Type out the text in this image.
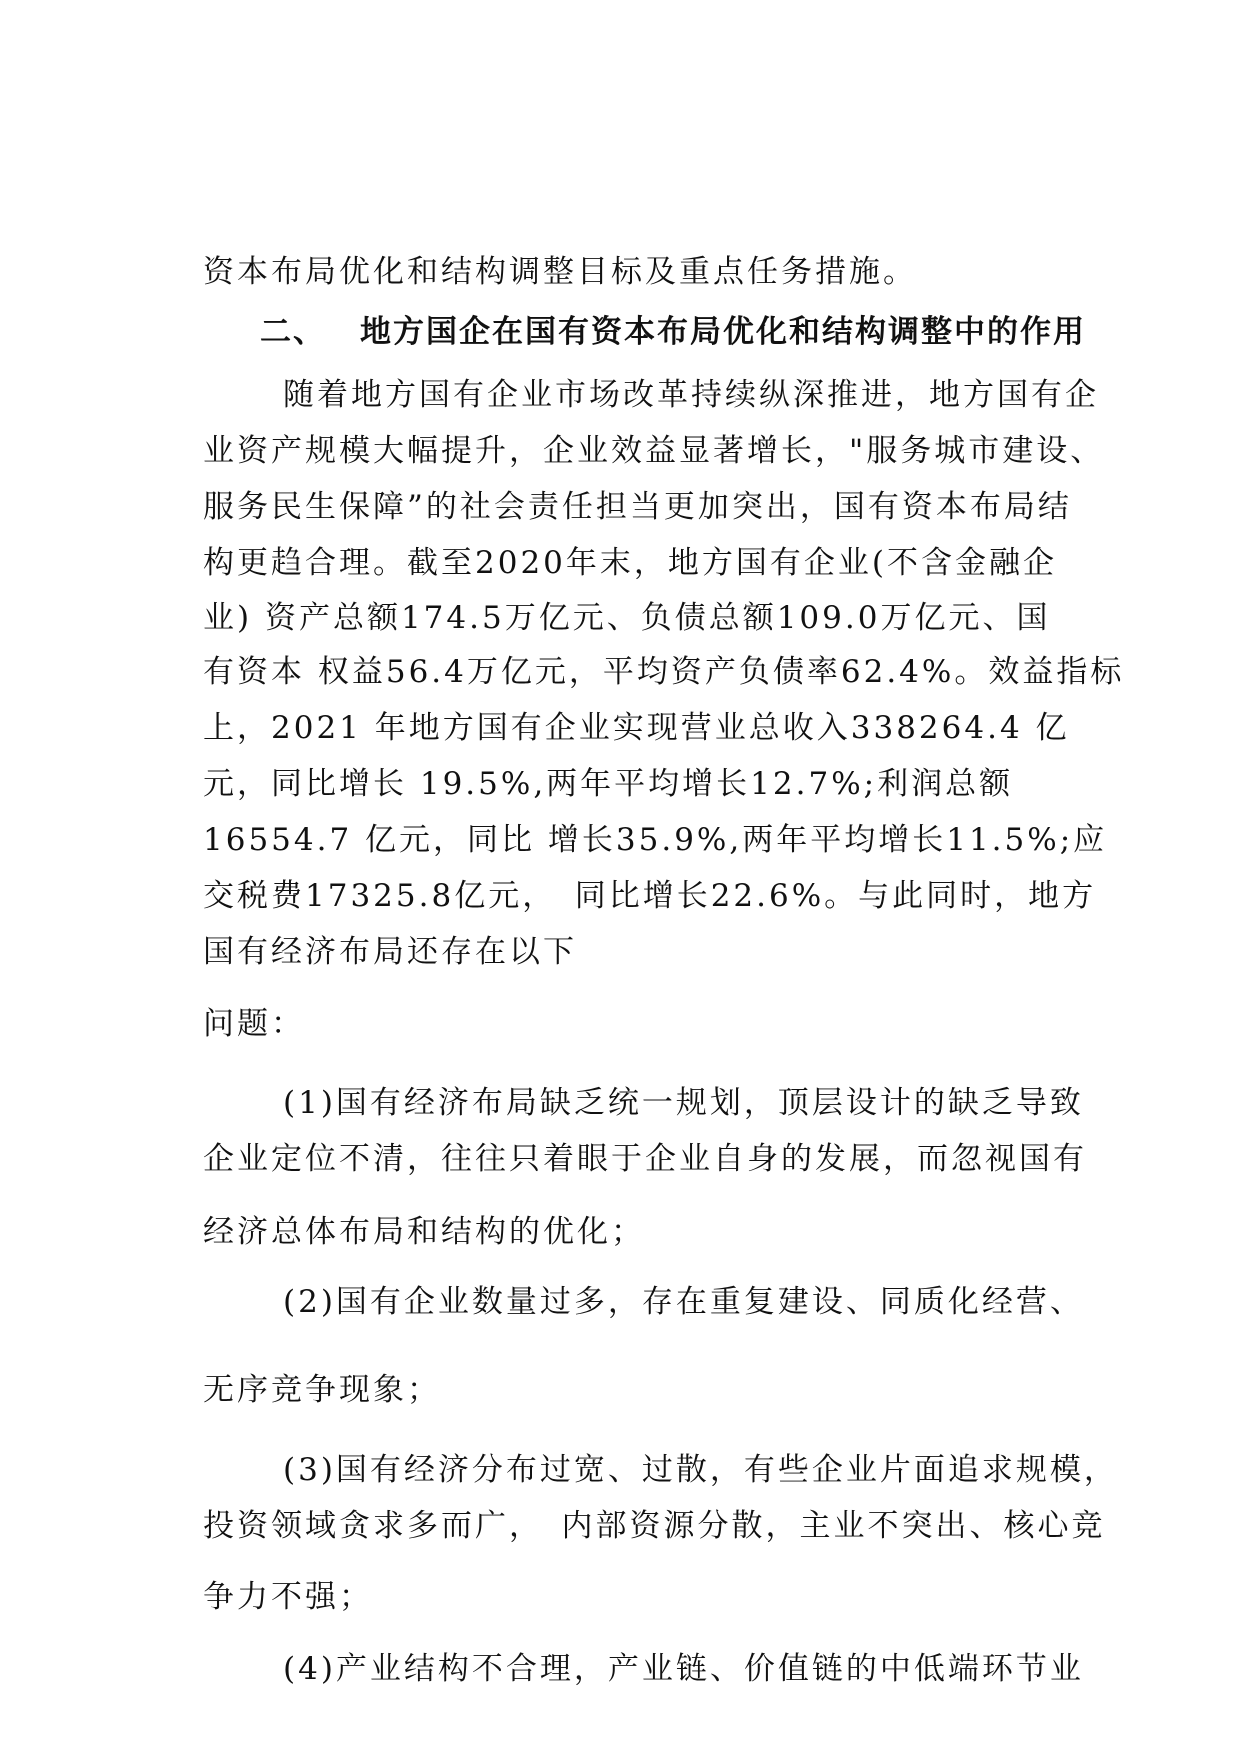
资本布局优化和结构调整目标及重点任务措施。
二、 地方国企在国有资本布局优化和结构调整中的作用
随着地方国有企业市场改革持续纵深推进，地方国有企
业资产规模大幅提升，企业效益显著增长，"服务城市建设、
服务民生保障”的社会责任担当更加突出，国有资本布局结
构更趋合理。截至2020年末，地方国有企业(不含金融企
业) 资产总额174.5万亿元、负债总额109.0万亿元、国
有资本 权益56.4万亿元，平均资产负债率62.4%。效益指标
上，2021 年地方国有企业实现营业总收入338264.4 亿
元，同比增长 19.5%,两年平均增长12.7%;利润总额
16554.7 亿元，同比 增长35.9%,两年平均增长11.5%;应
交税费17325.8亿元，　同比增长22.6%。与此同时，地方
国有经济布局还存在以下
问题：
(1)国有经济布局缺乏统一规划，顶层设计的缺乏导致
企业定位不清，往往只着眼于企业自身的发展，而忽视国有
经济总体布局和结构的优化；
(2)国有企业数量过多，存在重复建设、同质化经营、
无序竞争现象；
(3)国有经济分布过宽、过散，有些企业片面追求规模，
投资领域贪求多而广，　内部资源分散，主业不突出、核心竞
争力不强；
(4)产业结构不合理，产业链、价值链的中低端环节业
